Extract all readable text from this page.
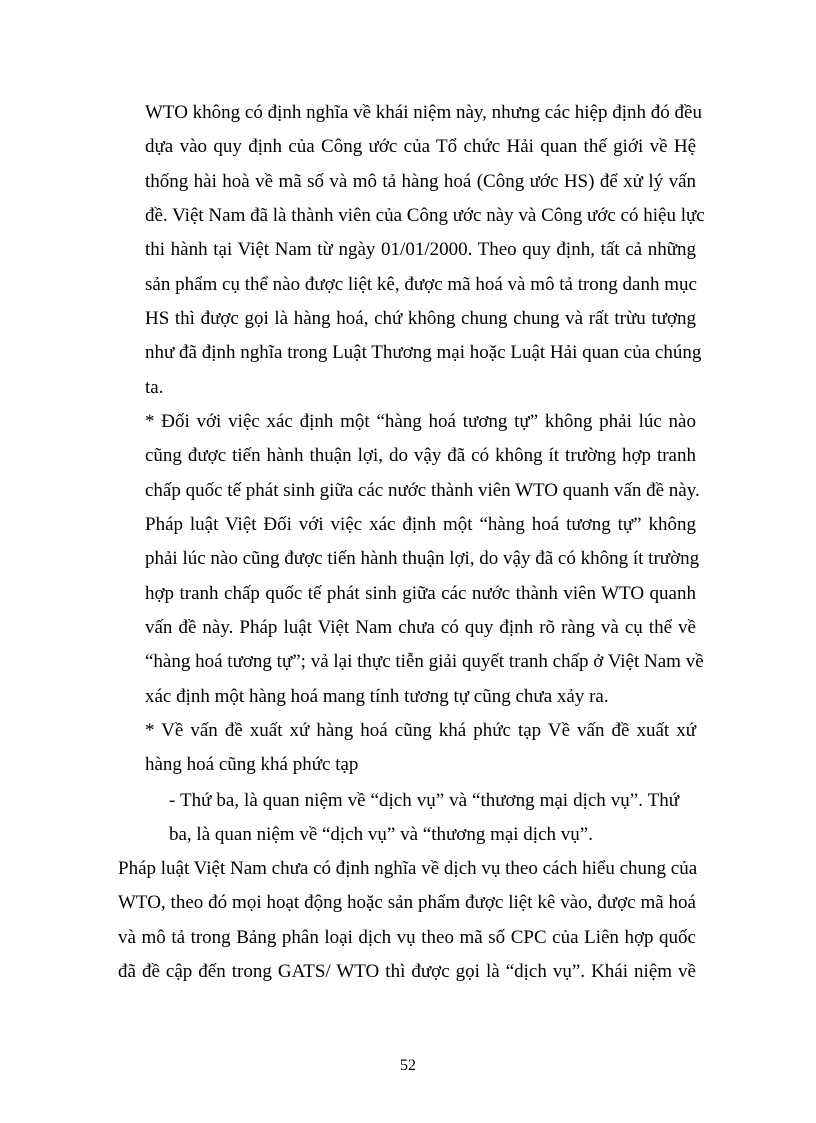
WTO không có định nghĩa về khái niệm này, nhưng các hiệp định đó đều

dựa vào quy định của Công ước của Tổ chức Hải quan thế giới về Hệ

thống hài hoà về mã số và mô tả hàng hoá (Công ước HS) để xử lý vấn

đề. Việt Nam đã là thành viên của Công ước này và Công ước có hiệu lực

thi hành tại Việt Nam từ ngày 01/01/2000. Theo quy định, tất cả những

sản phẩm cụ thể nào được liệt kê, được mã hoá và mô tả trong danh mục

HS thì được gọi là hàng hoá, chứ không chung chung và rất trừu tượng

như đã định nghĩa trong Luật Thương mại hoặc Luật Hải quan của chúng

ta.

* Đối với việc xác định một “hàng hoá tương tự” không phải lúc nào

cũng được tiến hành thuận lợi, do vậy đã có không ít trường hợp tranh

chấp quốc tế phát sinh giữa các nước thành viên WTO quanh vấn đề này.

Pháp luật Việt Đối với việc xác định một “hàng hoá tương tự” không

phải lúc nào cũng được tiến hành thuận lợi, do vậy đã có không ít trường

hợp tranh chấp quốc tế phát sinh giữa các nước thành viên WTO quanh

vấn đề này. Pháp luật Việt Nam chưa có quy định rõ ràng và cụ thể về

“hàng hoá tương tự”; vả lại thực tiễn giải quyết tranh chấp ở Việt Nam về

xác định một hàng hoá mang tính tương tự cũng chưa xảy ra.

* Về vấn đề xuất xứ hàng hoá cũng khá phức tạp Về vấn đề xuất xứ

hàng hoá cũng khá phức tạp

- Thứ ba, là quan niệm về “dịch vụ” và “thương mại dịch vụ”. Thứ

ba, là quan niệm về “dịch vụ” và “thương mại dịch vụ”.

Pháp luật Việt Nam chưa có định nghĩa về dịch vụ theo cách hiểu chung của

WTO, theo đó mọi hoạt động hoặc sản phẩm được liệt kê vào, được mã hoá

và mô tả trong Bảng phân loại dịch vụ theo mã số CPC của Liên hợp quốc

đã đề cập đến trong GATS/ WTO thì được gọi là “dịch vụ”. Khái niệm về

52
